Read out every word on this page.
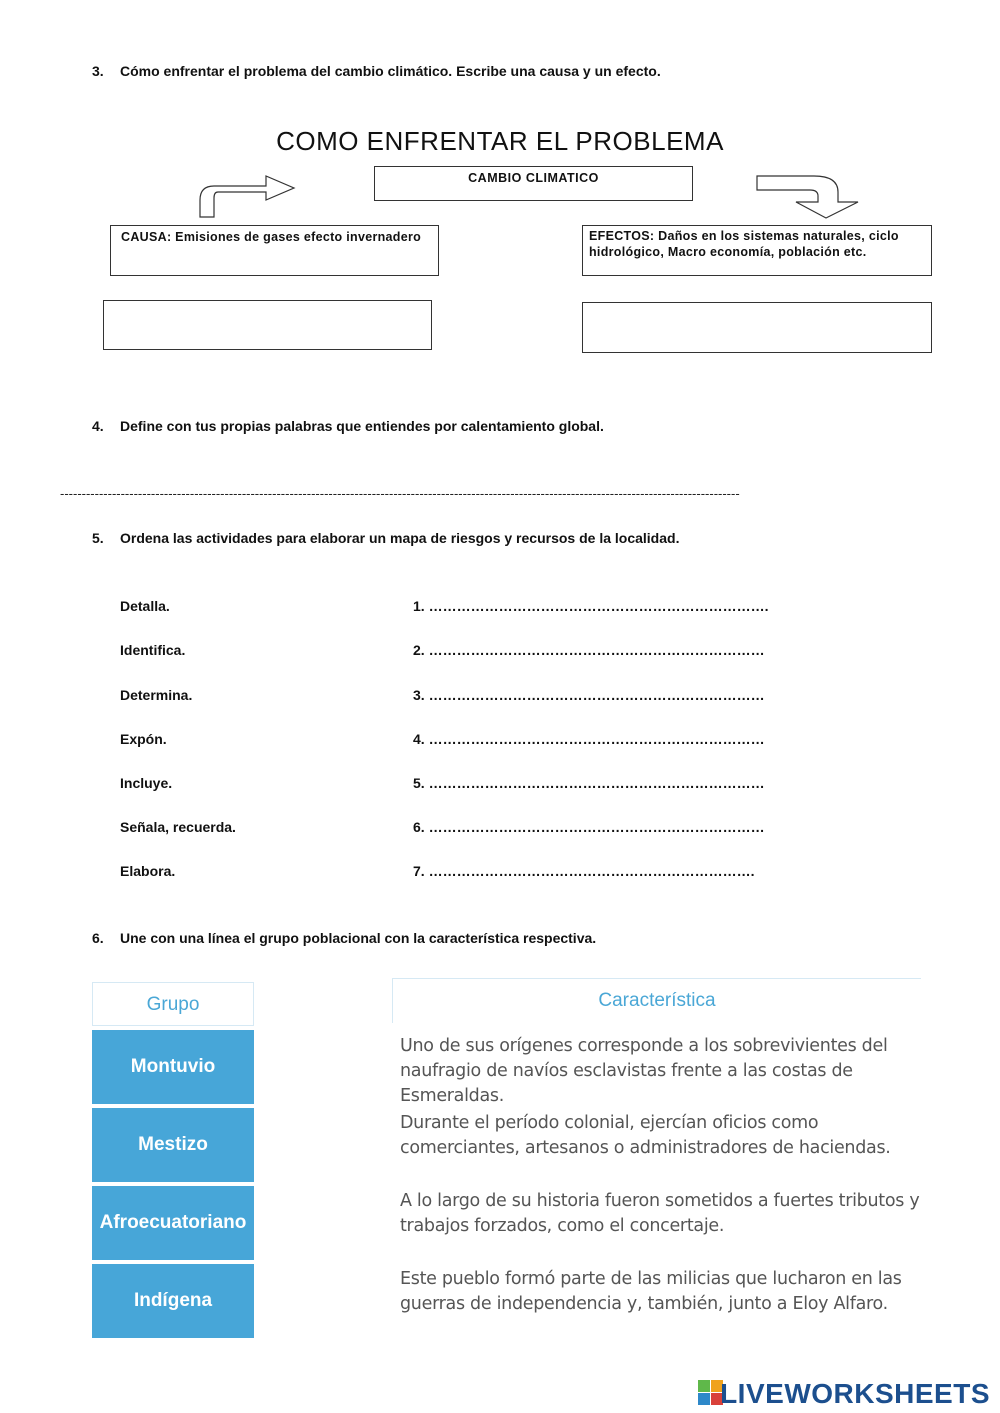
3. Cómo enfrentar el problema del cambio climático. Escribe una causa y un efecto.
COMO ENFRENTAR EL PROBLEMA
CAMBIO CLIMATICO
CAUSA: Emisiones de gases efecto invernadero	EFECTOS: Daños en los sistemas naturales, ciclo hidrológico, Macro economía, población etc.
4. Define con tus propias palabras que entiendes por calentamiento global.
-------------------------------------------------------------------------------------------------------------------------------------------------------------
5. Ordena las actividades para elaborar un mapa de riesgos y recursos de la localidad.
Detalla.
Identifica.
Determina.
Expón.
Incluye.
Señala, recuerda.
Elabora.
1. ……………………………………………………………….
2. ………………………………………………………………
3. ………………………………………………………………
4. ………………………………………………………………
5. ………………………………………………………………
6. ………………………………………………………………
7. …………………………………………………………….
6. Une con una línea el grupo poblacional con la característica respectiva.
Grupo
Montuvio
Mestizo
Afroecuatoriano
Indígena
Característica
Uno de sus orígenes corresponde a los sobrevivientes del naufragio de navíos esclavistas frente a las costas de Esmeraldas.
Durante el período colonial, ejercían oficios como comerciantes, artesanos o administradores de haciendas.
A lo largo de su historia fueron sometidos a fuertes tributos y trabajos forzados, como el concertaje.
Este pueblo formó parte de las milicias que lucharon en las guerras de independencia y, también, junto a Eloy Alfaro.
LIVEWORKSHEETS
